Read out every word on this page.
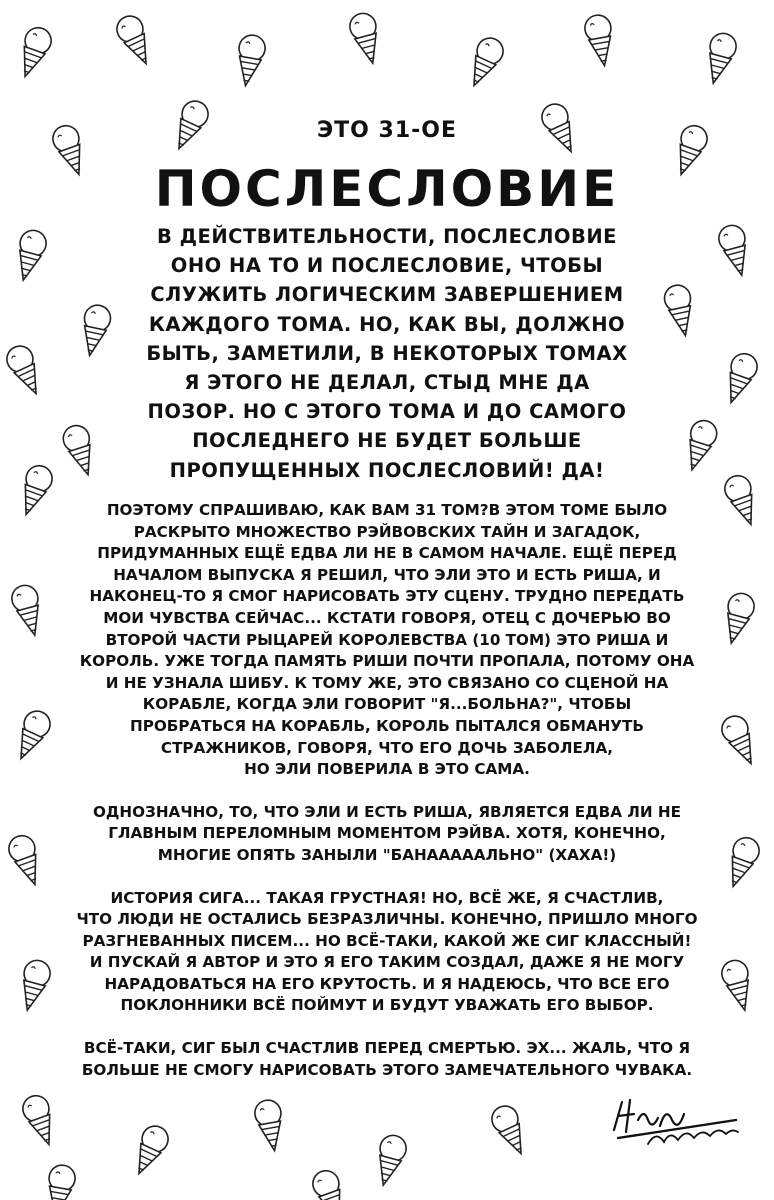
ЭТО 31-ОЕ
ПОСЛЕСЛОВИЕ
В ДЕЙСТВИТЕЛЬНОСТИ, ПОСЛЕСЛОВИЕ
ОНО НА ТО И ПОСЛЕСЛОВИЕ, ЧТОБЫ
СЛУЖИТЬ ЛОГИЧЕСКИМ ЗАВЕРШЕНИЕМ
КАЖДОГО ТОМА. НО, КАК ВЫ, ДОЛЖНО
БЫТЬ, ЗАМЕТИЛИ, В НЕКОТОРЫХ ТОМАХ
Я ЭТОГО НЕ ДЕЛАЛ, СТЫД МНЕ ДА
ПОЗОР. НО С ЭТОГО ТОМА И ДО САМОГО
ПОСЛЕДНЕГО НЕ БУДЕТ БОЛЬШЕ
ПРОПУЩЕННЫХ ПОСЛЕСЛОВИЙ! ДА!
ПОЭТОМУ СПРАШИВАЮ, КАК ВАМ 31 ТОМ?В ЭТОМ ТОМЕ БЫЛО
РАСКРЫТО МНОЖЕСТВО РЭЙВОВСКИХ ТАЙН И ЗАГАДОК,
ПРИДУМАННЫХ ЕЩЁ ЕДВА ЛИ НЕ В САМОМ НАЧАЛЕ. ЕЩЁ ПЕРЕД
НАЧАЛОМ ВЫПУСКА Я РЕШИЛ, ЧТО ЭЛИ ЭТО И ЕСТЬ РИША, И
НАКОНЕЦ-ТО Я СМОГ НАРИСОВАТЬ ЭТУ СЦЕНУ. ТРУДНО ПЕРЕДАТЬ
МОИ ЧУВСТВА СЕЙЧАС... КСТАТИ ГОВОРЯ, ОТЕЦ С ДОЧЕРЬЮ ВО
ВТОРОЙ ЧАСТИ РЫЦАРЕЙ КОРОЛЕВСТВА (10 ТОМ) ЭТО РИША И
КОРОЛЬ. УЖЕ ТОГДА ПАМЯТЬ РИШИ ПОЧТИ ПРОПАЛА, ПОТОМУ ОНА
И НЕ УЗНАЛА ШИБУ. К ТОМУ ЖЕ, ЭТО СВЯЗАНО СО СЦЕНОЙ НА
КОРАБЛЕ, КОГДА ЭЛИ ГОВОРИТ "Я...БОЛЬНА?", ЧТОБЫ
ПРОБРАТЬСЯ НА КОРАБЛЬ, КОРОЛЬ ПЫТАЛСЯ ОБМАНУТЬ
СТРАЖНИКОВ, ГОВОРЯ, ЧТО ЕГО ДОЧЬ ЗАБОЛЕЛА,
НО ЭЛИ ПОВЕРИЛА В ЭТО САМА.
ОДНОЗНАЧНО, ТО, ЧТО ЭЛИ И ЕСТЬ РИША, ЯВЛЯЕТСЯ ЕДВА ЛИ НЕ
ГЛАВНЫМ ПЕРЕЛОМНЫМ МОМЕНТОМ РЭЙВА. ХОТЯ, КОНЕЧНО,
МНОГИЕ ОПЯТЬ ЗАНЫЛИ "БАНАААААЛЬНО" (ХАХА!)
ИСТОРИЯ СИГА... ТАКАЯ ГРУСТНАЯ! НО, ВСЁ ЖЕ, Я СЧАСТЛИВ,
ЧТО ЛЮДИ НЕ ОСТАЛИСЬ БЕЗРАЗЛИЧНЫ. КОНЕЧНО, ПРИШЛО МНОГО
РАЗГНЕВАННЫХ ПИСЕМ... НО ВСЁ-ТАКИ, КАКОЙ ЖЕ СИГ КЛАССНЫЙ!
И ПУСКАЙ Я АВТОР И ЭТО Я ЕГО ТАКИМ СОЗДАЛ, ДАЖЕ Я НЕ МОГУ
НАРАДОВАТЬСЯ НА ЕГО КРУТОСТЬ. И Я НАДЕЮСЬ, ЧТО ВСЕ ЕГО
ПОКЛОННИКИ ВСЁ ПОЙМУТ И БУДУТ УВАЖАТЬ ЕГО ВЫБОР.
ВСЁ-ТАКИ, СИГ БЫЛ СЧАСТЛИВ ПЕРЕД СМЕРТЬЮ. ЭХ... ЖАЛЬ, ЧТО Я
БОЛЬШЕ НЕ СМОГУ НАРИСОВАТЬ ЭТОГО ЗАМЕЧАТЕЛЬНОГО ЧУВАКА.
